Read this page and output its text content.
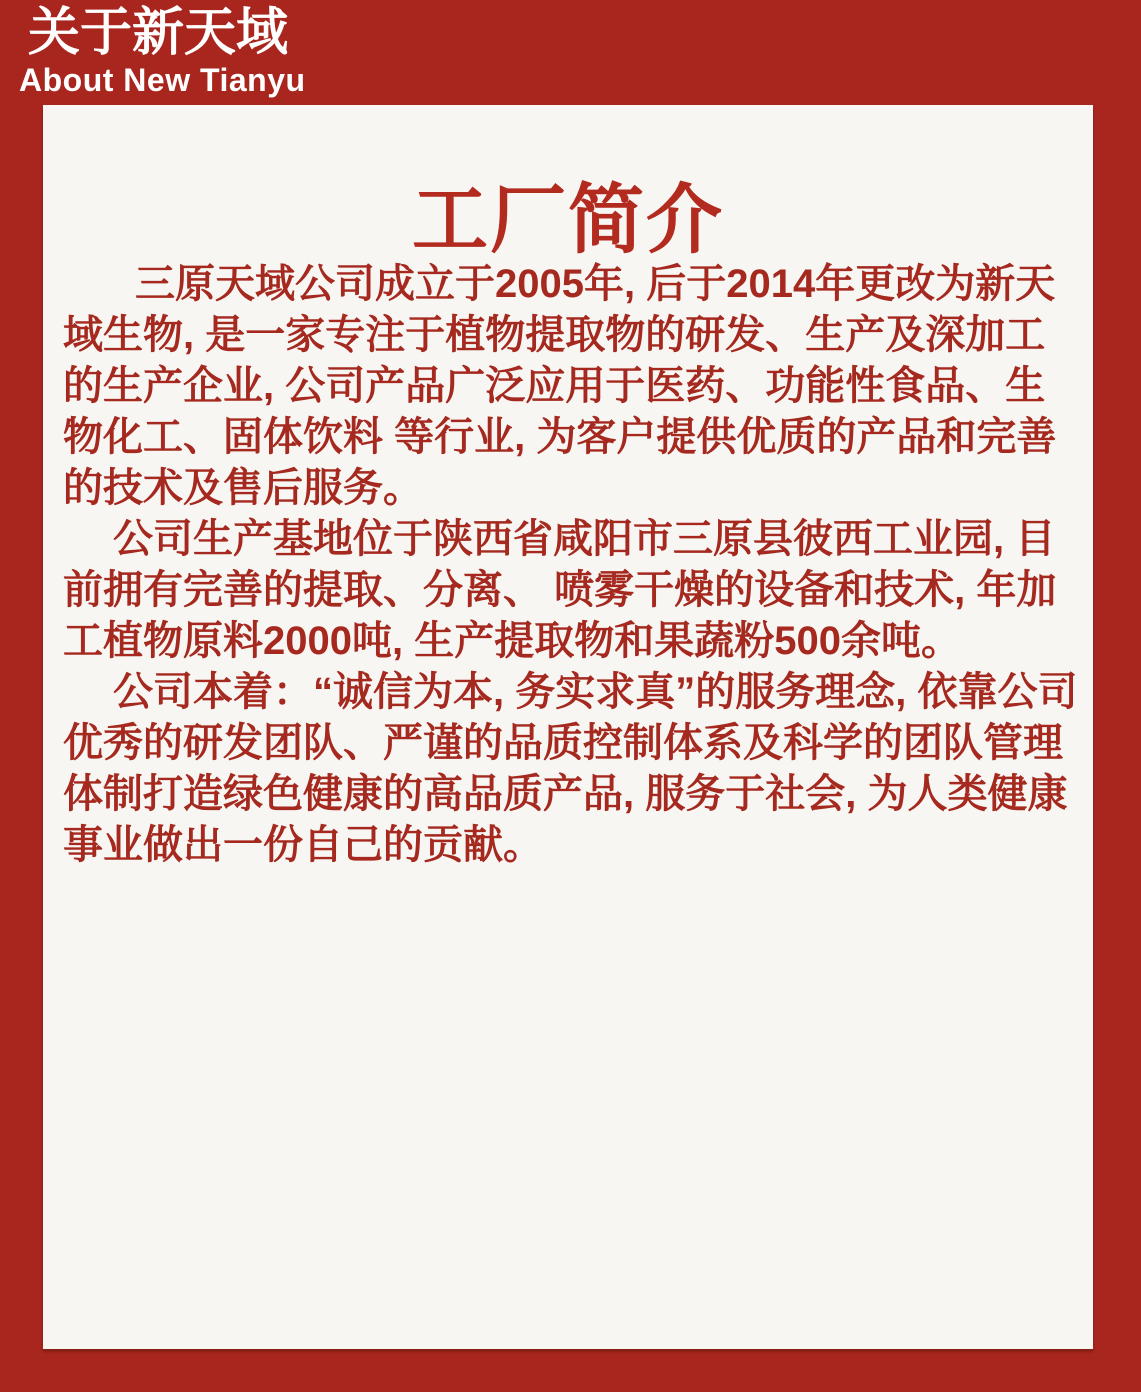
关于新天域
About New Tianyu
工厂简介

三原天域公司成立于2005年, 后于2014年更改为新天域生物, 是一家专注于植物提取物的研发、生产及深加工的生产企业, 公司产品广泛应用于医药、功能性食品、生物化工、固体饮料 等行业, 为客户提供优质的产品和完善的技术及售后服务。

公司生产基地位于陕西省咸阳市三原县彼西工业园, 目前拥有完善的提取、分离、 喷雾干燥的设备和技术, 年加工植物原料2000吨, 生产提取物和果蔬粉500余吨。

公司本着：“诚信为本, 务实求真”的服务理念, 依靠公司优秀的研发团队、严谨的品质控制体系及科学的团队管理体制打造绿色健康的高品质产品, 服务于社会, 为人类健康事业做出一份自己的贡献。
